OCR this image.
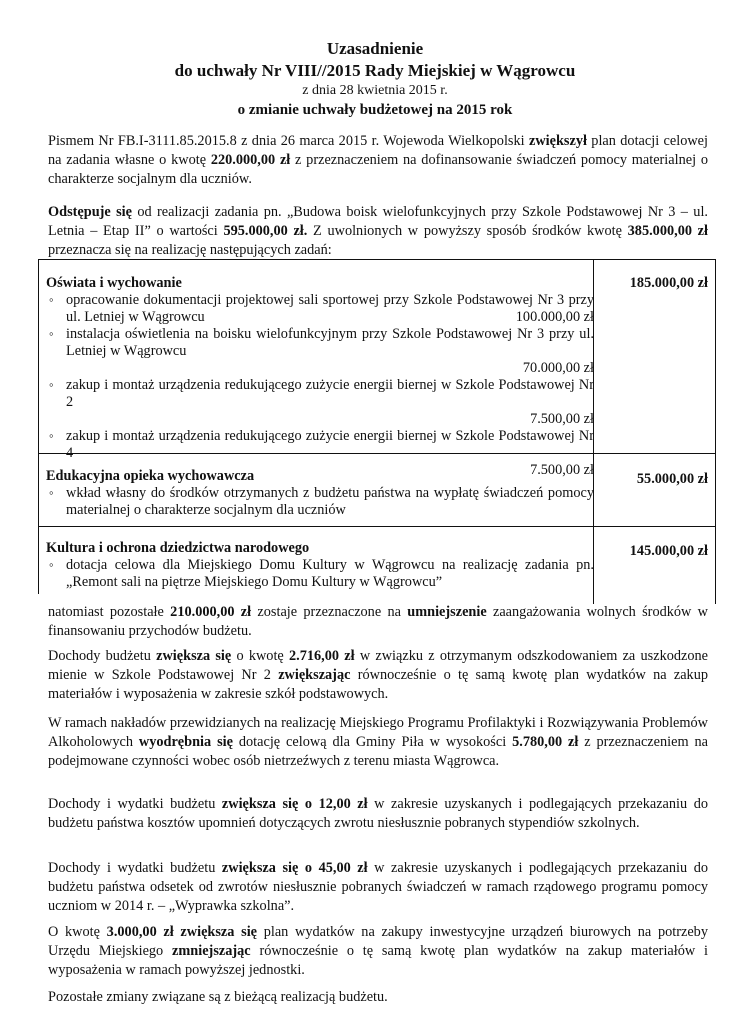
Uzasadnienie
do uchwały Nr VIII//2015 Rady Miejskiej w Wągrowcu
z dnia 28 kwietnia 2015 r.
o zmianie uchwały budżetowej na 2015 rok
Pismem Nr FB.I-3111.85.2015.8 z dnia 26 marca 2015 r. Wojewoda Wielkopolski zwiększył plan dotacji celowej na zadania własne o kwotę 220.000,00 zł z przeznaczeniem na dofinansowanie świadczeń pomocy materialnej o charakterze socjalnym dla uczniów.
Odstępuje się od realizacji zadania pn. „Budowa boisk wielofunkcyjnych przy Szkole Podstawowej Nr 3 – ul. Letnia – Etap II” o wartości 595.000,00 zł. Z uwolnionych w powyższy sposób środków kwotę 385.000,00 zł przeznacza się na realizację następujących zadań:
Oświata i wychowanie
◦ opracowanie dokumentacji projektowej sali sportowej przy Szkole Podstawowej Nr 3 przy ul. Letniej w Wągrowcu	100.000,00 zł
◦ instalacja oświetlenia na boisku wielofunkcyjnym przy Szkole Podstawowej Nr 3 przy ul. Letniej w Wągrowcu
70.000,00 zł
◦ zakup i montaż urządzenia redukującego zużycie energii biernej w Szkole Podstawowej Nr 2
7.500,00 zł
◦ zakup i montaż urządzenia redukującego zużycie energii biernej w Szkole Podstawowej Nr 4
7.500,00 zł
185.000,00 zł
Edukacyjna opieka wychowawcza
◦ wkład własny do środków otrzymanych z budżetu państwa na wypłatę świadczeń pomocy materialnej o charakterze socjalnym dla uczniów
55.000,00 zł
Kultura i ochrona dziedzictwa narodowego
◦ dotacja celowa dla Miejskiego Domu Kultury w Wągrowcu na realizację zadania pn. „Remont sali na piętrze Miejskiego Domu Kultury w Wągrowcu”
145.000,00 zł
natomiast pozostałe 210.000,00 zł zostaje przeznaczone na umniejszenie zaangażowania wolnych środków w finansowaniu przychodów budżetu.
Dochody budżetu zwiększa się o kwotę 2.716,00 zł w związku z otrzymanym odszkodowaniem za uszkodzone mienie w Szkole Podstawowej Nr 2 zwiększając równocześnie o tę samą kwotę plan wydatków na zakup materiałów i wyposażenia w zakresie szkół podstawowych.
W ramach nakładów przewidzianych na realizację Miejskiego Programu Profilaktyki i Rozwiązywania Problemów Alkoholowych wyodrębnia się dotację celową dla Gminy Piła w wysokości 5.780,00 zł z przeznaczeniem na podejmowane czynności wobec osób nietrzeźwych z terenu miasta Wągrowca.
Dochody i wydatki budżetu zwiększa się o 12,00 zł w zakresie uzyskanych i podlegających przekazaniu do budżetu państwa kosztów upomnień dotyczących zwrotu niesłusznie pobranych stypendiów szkolnych.
Dochody i wydatki budżetu zwiększa się o 45,00 zł w zakresie uzyskanych i podlegających przekazaniu do budżetu państwa odsetek od zwrotów niesłusznie pobranych świadczeń w ramach rządowego programu pomocy uczniom w 2014 r. – „Wyprawka szkolna”.
O kwotę 3.000,00 zł zwiększa się plan wydatków na zakupy inwestycyjne urządzeń biurowych na potrzeby Urzędu Miejskiego zmniejszając równocześnie o tę samą kwotę plan wydatków na zakup materiałów i wyposażenia w ramach powyższej jednostki.
Pozostałe zmiany związane są z bieżącą realizacją budżetu.
